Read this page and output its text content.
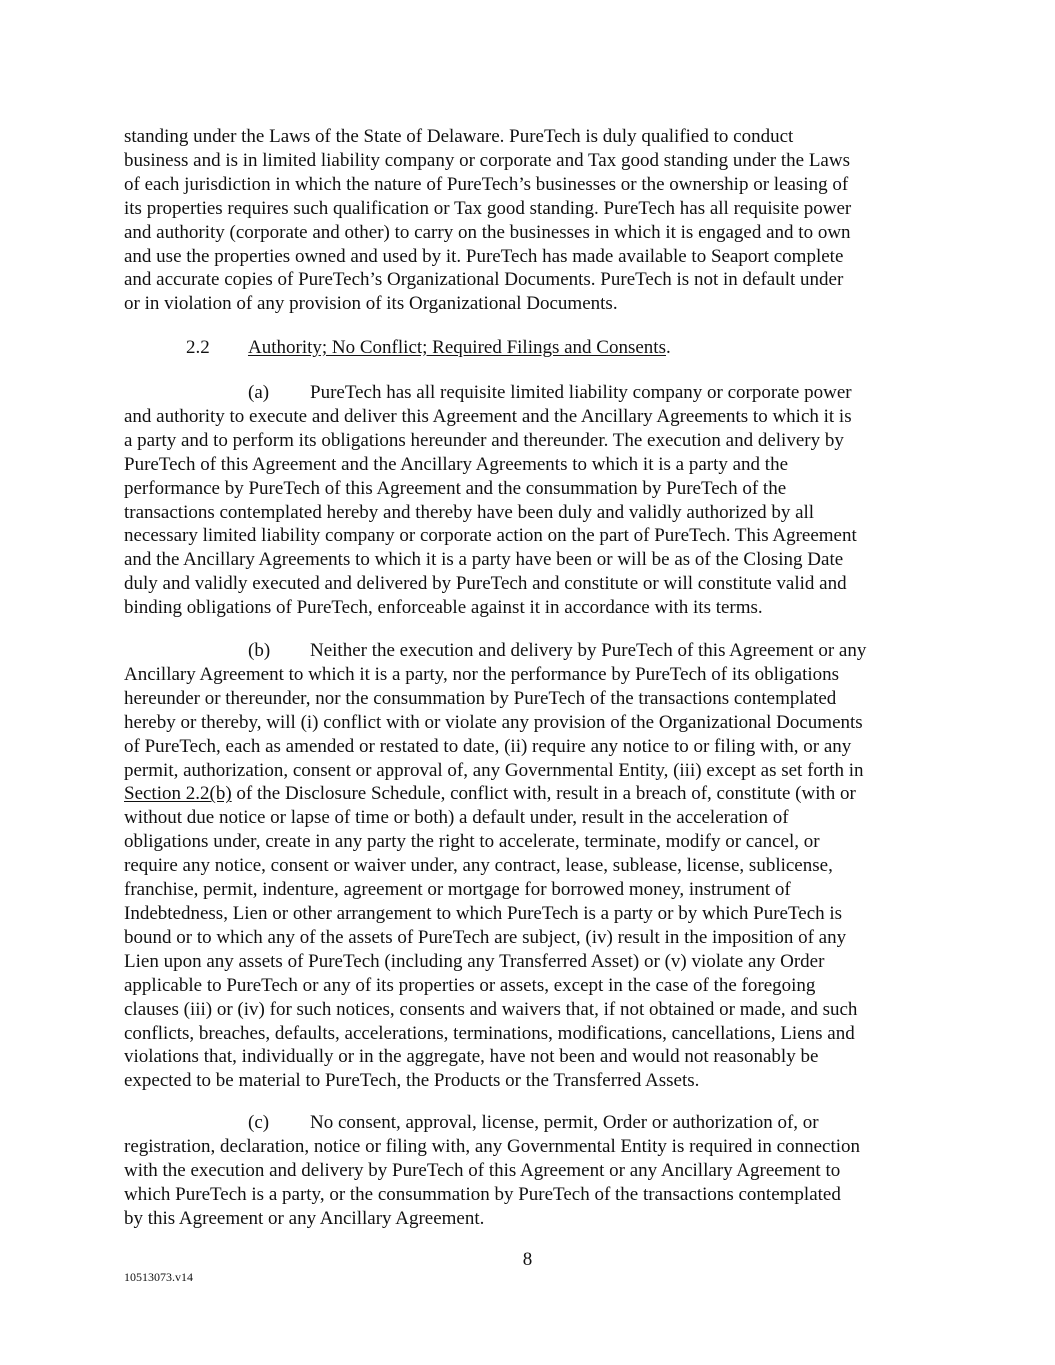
standing under the Laws of the State of Delaware. PureTech is duly qualified to conduct
business and is in limited liability company or corporate and Tax good standing under the Laws
of each jurisdiction in which the nature of PureTech’s businesses or the ownership or leasing of
its properties requires such qualification or Tax good standing. PureTech has all requisite power
and authority (corporate and other) to carry on the businesses in which it is engaged and to own
and use the properties owned and used by it. PureTech has made available to Seaport complete
and accurate copies of PureTech’s Organizational Documents. PureTech is not in default under
or in violation of any provision of its Organizational Documents.

2.2 Authority; No Conflict; Required Filings and Consents.

(a) PureTech has all requisite limited liability company or corporate power
and authority to execute and deliver this Agreement and the Ancillary Agreements to which it is
a party and to perform its obligations hereunder and thereunder. The execution and delivery by
PureTech of this Agreement and the Ancillary Agreements to which it is a party and the
performance by PureTech of this Agreement and the consummation by PureTech of the
transactions contemplated hereby and thereby have been duly and validly authorized by all
necessary limited liability company or corporate action on the part of PureTech. This Agreement
and the Ancillary Agreements to which it is a party have been or will be as of the Closing Date
duly and validly executed and delivered by PureTech and constitute or will constitute valid and
binding obligations of PureTech, enforceable against it in accordance with its terms.

(b) Neither the execution and delivery by PureTech of this Agreement or any
Ancillary Agreement to which it is a party, nor the performance by PureTech of its obligations
hereunder or thereunder, nor the consummation by PureTech of the transactions contemplated
hereby or thereby, will (i) conflict with or violate any provision of the Organizational Documents
of PureTech, each as amended or restated to date, (ii) require any notice to or filing with, or any
permit, authorization, consent or approval of, any Governmental Entity, (iii) except as set forth in
Section 2.2(b) of the Disclosure Schedule, conflict with, result in a breach of, constitute (with or
without due notice or lapse of time or both) a default under, result in the acceleration of
obligations under, create in any party the right to accelerate, terminate, modify or cancel, or
require any notice, consent or waiver under, any contract, lease, sublease, license, sublicense,
franchise, permit, indenture, agreement or mortgage for borrowed money, instrument of
Indebtedness, Lien or other arrangement to which PureTech is a party or by which PureTech is
bound or to which any of the assets of PureTech are subject, (iv) result in the imposition of any
Lien upon any assets of PureTech (including any Transferred Asset) or (v) violate any Order
applicable to PureTech or any of its properties or assets, except in the case of the foregoing
clauses (iii) or (iv) for such notices, consents and waivers that, if not obtained or made, and such
conflicts, breaches, defaults, accelerations, terminations, modifications, cancellations, Liens and
violations that, individually or in the aggregate, have not been and would not reasonably be
expected to be material to PureTech, the Products or the Transferred Assets.

(c) No consent, approval, license, permit, Order or authorization of, or
registration, declaration, notice or filing with, any Governmental Entity is required in connection
with the execution and delivery by PureTech of this Agreement or any Ancillary Agreement to
which PureTech is a party, or the consummation by PureTech of the transactions contemplated
by this Agreement or any Ancillary Agreement.

8

10513073.v14
